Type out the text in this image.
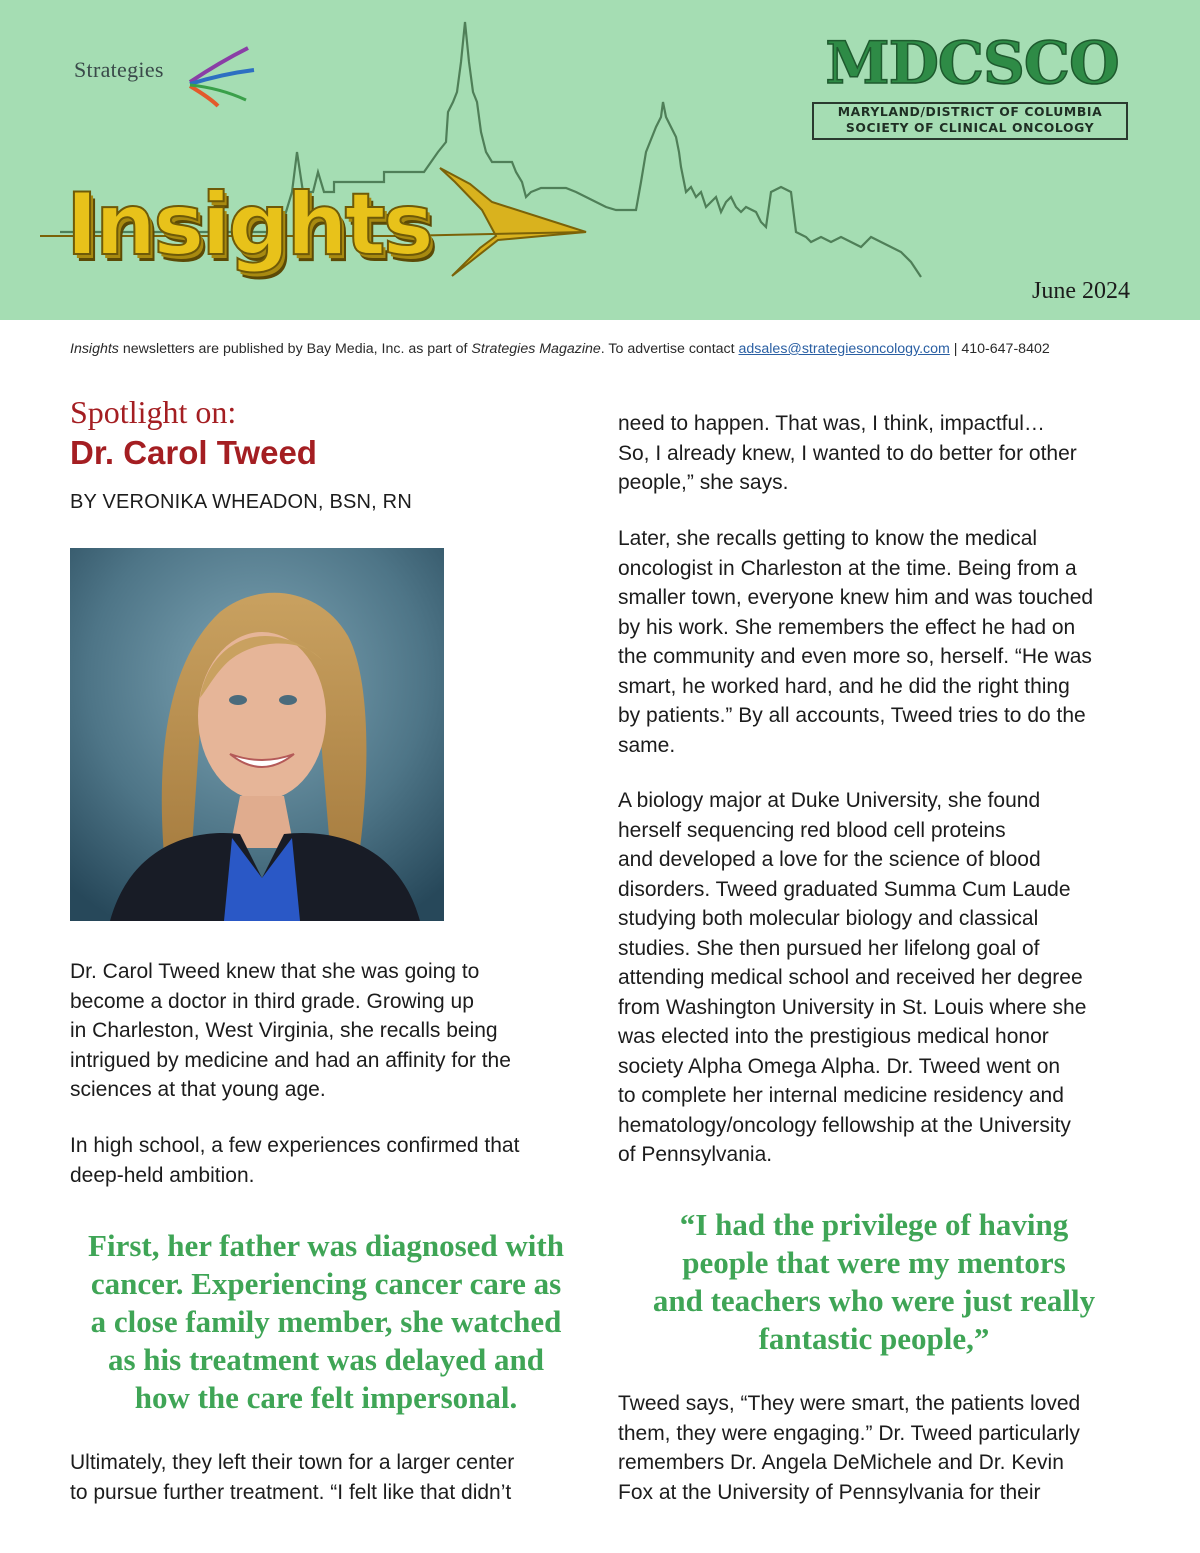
Strategies
Insights
MDCSCO
MARYLAND/DISTRICT OF COLUMBIA
SOCIETY OF CLINICAL ONCOLOGY
June 2024
Insights newsletters are published by Bay Media, Inc. as part of Strategies Magazine. To advertise contact adsales@strategiesoncology.com | 410-647-8402
Spotlight on:
Dr. Carol Tweed
BY VERONIKA WHEADON, BSN, RN

Dr. Carol Tweed knew that she was going to
become a doctor in third grade. Growing up
in Charleston, West Virginia, she recalls being
intrigued by medicine and had an affinity for the
sciences at that young age.

In high school, a few experiences confirmed that
deep-held ambition.

First, her father was diagnosed with
cancer. Experiencing cancer care as
a close family member, she watched
as his treatment was delayed and
how the care felt impersonal.

Ultimately, they left their town for a larger center
to pursue further treatment. “I felt like that didn’t

need to happen. That was, I think, impactful…
So, I already knew, I wanted to do better for other
people,” she says.

Later, she recalls getting to know the medical
oncologist in Charleston at the time. Being from a
smaller town, everyone knew him and was touched
by his work. She remembers the effect he had on
the community and even more so, herself. “He was
smart, he worked hard, and he did the right thing
by patients.” By all accounts, Tweed tries to do the
same.

A biology major at Duke University, she found
herself sequencing red blood cell proteins
and developed a love for the science of blood
disorders. Tweed graduated Summa Cum Laude
studying both molecular biology and classical
studies. She then pursued her lifelong goal of
attending medical school and received her degree
from Washington University in St. Louis where she
was elected into the prestigious medical honor
society Alpha Omega Alpha. Dr. Tweed went on
to complete her internal medicine residency and
hematology/oncology fellowship at the University
of Pennsylvania.

“I had the privilege of having
people that were my mentors
and teachers who were just really
fantastic people,”

Tweed says, “They were smart, the patients loved
them, they were engaging.” Dr. Tweed particularly
remembers Dr. Angela DeMichele and Dr. Kevin
Fox at the University of Pennsylvania for their
